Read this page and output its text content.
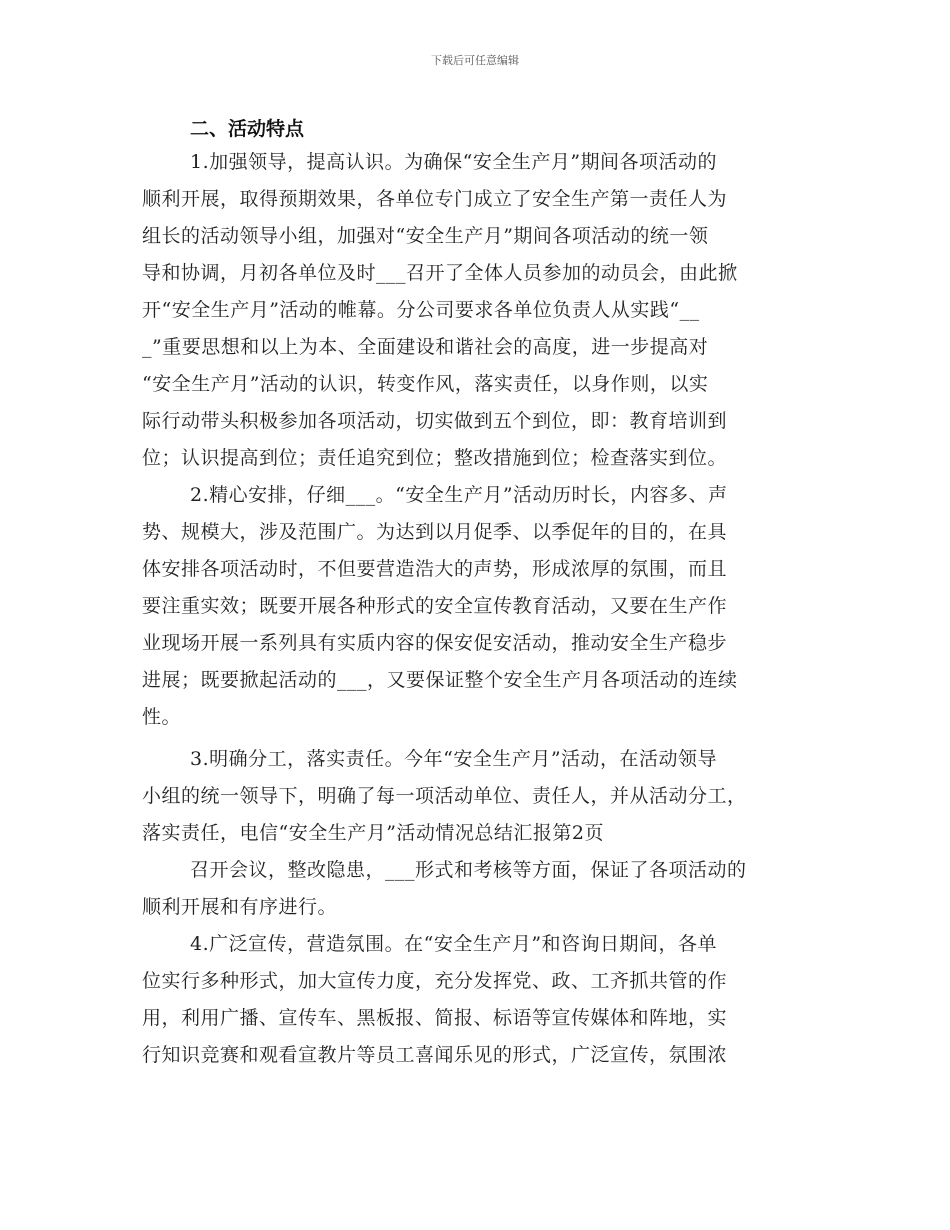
下载后可任意编辑
二、活动特点
1.加强领导，提高认识。为确保“安全生产月”期间各项活动的
顺利开展，取得预期效果，各单位专门成立了安全生产第一责任人为
组长的活动领导小组，加强对“安全生产月”期间各项活动的统一领
导和协调，月初各单位及时___召开了全体人员参加的动员会，由此掀
开“安全生产月”活动的帷幕。分公司要求各单位负责人从实践“__
_”重要思想和以上为本、全面建设和谐社会的高度，进一步提高对
“安全生产月”活动的认识，转变作风，落实责任，以身作则，以实
际行动带头积极参加各项活动，切实做到五个到位，即：教育培训到
位；认识提高到位；责任追究到位；整改措施到位；检查落实到位。
2.精心安排，仔细___。“安全生产月”活动历时长，内容多、声
势、规模大，涉及范围广。为达到以月促季、以季促年的目的，在具
体安排各项活动时，不但要营造浩大的声势，形成浓厚的氛围，而且
要注重实效；既要开展各种形式的安全宣传教育活动，又要在生产作
业现场开展一系列具有实质内容的保安促安活动，推动安全生产稳步
进展；既要掀起活动的___，又要保证整个安全生产月各项活动的连续
性。
3.明确分工，落实责任。今年“安全生产月”活动，在活动领导
小组的统一领导下，明确了每一项活动单位、责任人，并从活动分工，
落实责任，电信“安全生产月”活动情况总结汇报第2页
召开会议，整改隐患，___形式和考核等方面，保证了各项活动的
顺利开展和有序进行。
4.广泛宣传，营造氛围。在“安全生产月”和咨询日期间，各单
位实行多种形式，加大宣传力度，充分发挥党、政、工齐抓共管的作
用，利用广播、宣传车、黑板报、简报、标语等宣传媒体和阵地，实
行知识竞赛和观看宣教片等员工喜闻乐见的形式，广泛宣传，氛围浓
